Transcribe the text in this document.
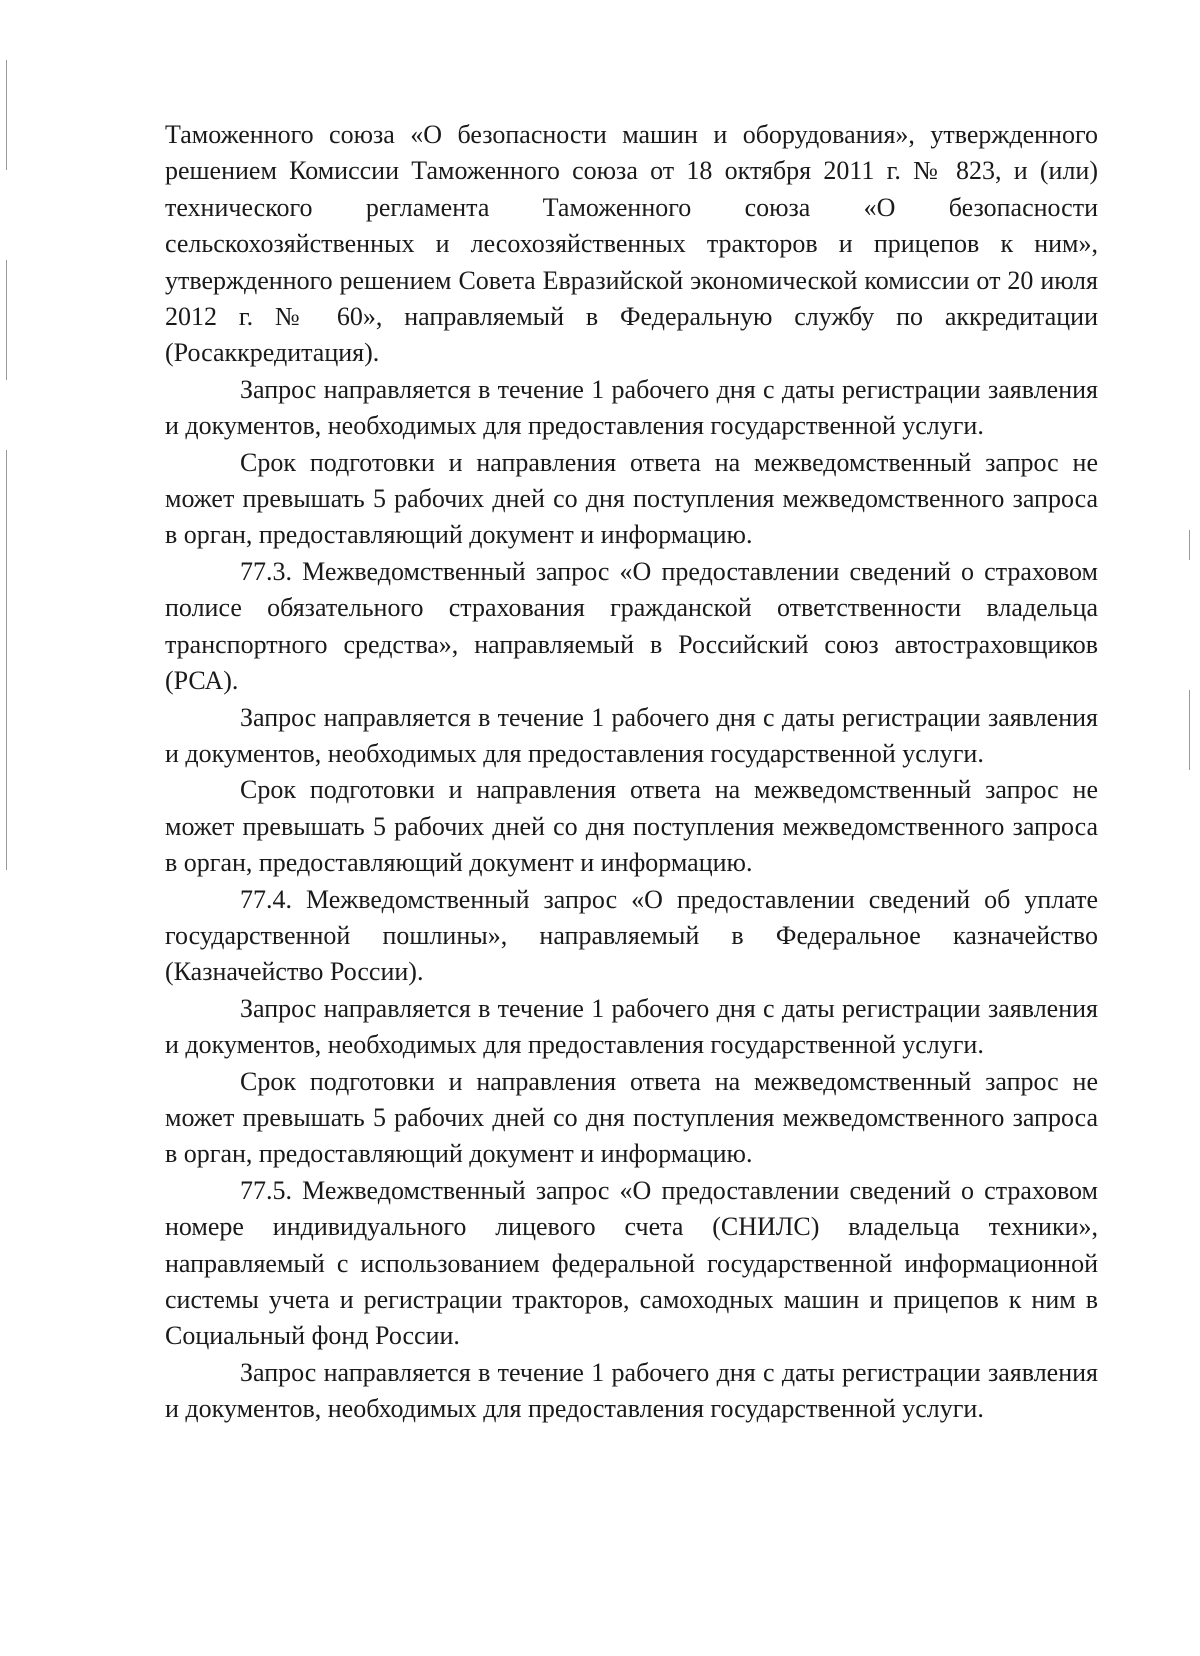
Таможенного союза «О безопасности машин и оборудования», утвержденного решением Комиссии Таможенного союза от 18 октября 2011 г. № 823, и (или) технического регламента Таможенного союза «О безопасности сельскохозяйственных и лесохозяйственных тракторов и прицепов к ним», утвержденного решением Совета Евразийской экономической комиссии от 20 июля 2012 г. № 60», направляемый в Федеральную службу по аккредитации (Росаккредитация).

Запрос направляется в течение 1 рабочего дня с даты регистрации заявления и документов, необходимых для предоставления государственной услуги.

Срок подготовки и направления ответа на межведомственный запрос не может превышать 5 рабочих дней со дня поступления межведомственного запроса в орган, предоставляющий документ и информацию.

77.3. Межведомственный запрос «О предоставлении сведений о страховом полисе обязательного страхования гражданской ответственности владельца транспортного средства», направляемый в Российский союз автостраховщиков (РСА).

Запрос направляется в течение 1 рабочего дня с даты регистрации заявления и документов, необходимых для предоставления государственной услуги.

Срок подготовки и направления ответа на межведомственный запрос не может превышать 5 рабочих дней со дня поступления межведомственного запроса в орган, предоставляющий документ и информацию.

77.4. Межведомственный запрос «О предоставлении сведений об уплате государственной пошлины», направляемый в Федеральное казначейство (Казначейство России).

Запрос направляется в течение 1 рабочего дня с даты регистрации заявления и документов, необходимых для предоставления государственной услуги.

Срок подготовки и направления ответа на межведомственный запрос не может превышать 5 рабочих дней со дня поступления межведомственного запроса в орган, предоставляющий документ и информацию.

77.5. Межведомственный запрос «О предоставлении сведений о страховом номере индивидуального лицевого счета (СНИЛС) владельца техники», направляемый с использованием федеральной государственной информационной системы учета и регистрации тракторов, самоходных машин и прицепов к ним в Социальный фонд России.

Запрос направляется в течение 1 рабочего дня с даты регистрации заявления и документов, необходимых для предоставления государственной услуги.
